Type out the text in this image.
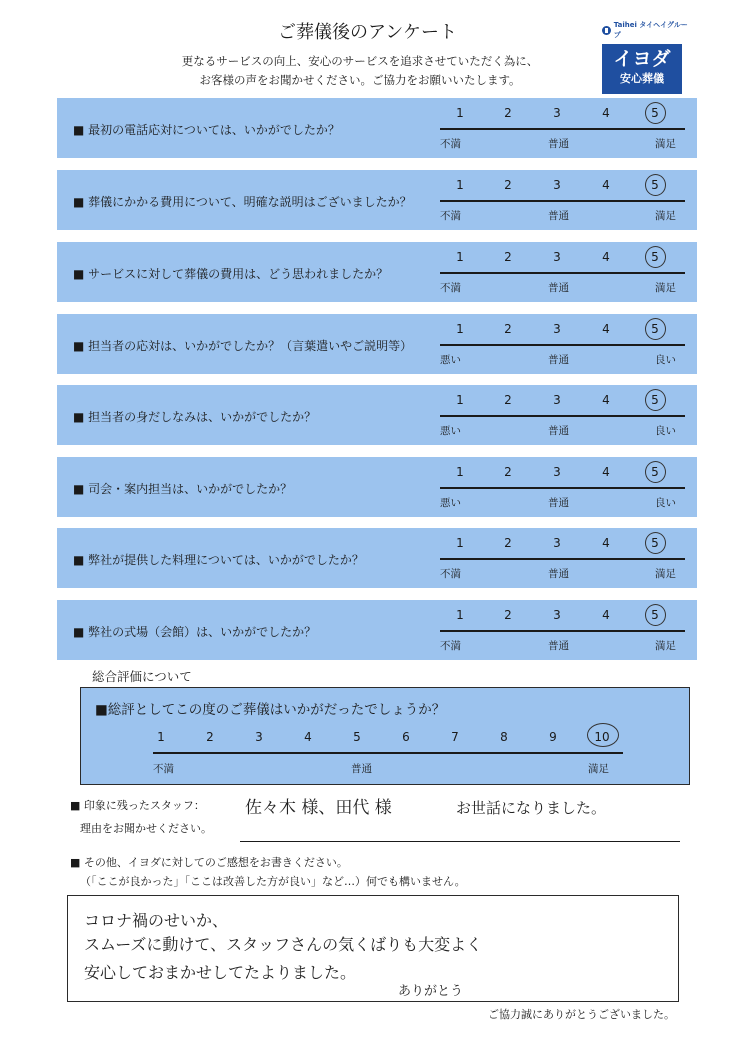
ご葬儀後のアンケート
更なるサービスの向上、安心のサービスを追求させていただく為に、
お客様の声をお聞かせください。ご協力をお願いいたします。
Taihei タイヘイグループ
イヨダ
安心葬儀
■ 最初の電話応対については、いかがでしたか？
1	2	3	4	5
不満	普通	満足
■ 葬儀にかかる費用について、明確な説明はございましたか？
1	2	3	4	5
不満	普通	満足
■ サービスに対して葬儀の費用は、どう思われましたか？
1	2	3	4	5
不満	普通	満足
■ 担当者の応対は、いかがでしたか？（言葉遣いやご説明等）
1	2	3	4	5
悪い	普通	良い
■ 担当者の身だしなみは、いかがでしたか？
1	2	3	4	5
悪い	普通	良い
■ 司会・案内担当は、いかがでしたか？
1	2	3	4	5
悪い	普通	良い
■ 弊社が提供した料理については、いかがでしたか？
1	2	3	4	5
不満	普通	満足
■ 弊社の式場（会館）は、いかがでしたか？
1	2	3	4	5
不満	普通	満足
総合評価について
■総評としてこの度のご葬儀はいかがだったでしょうか？
1	2	3	4	5	6	7	8	9	10
不満	普通	満足
■ 印象に残ったスタッフ：
理由をお聞かせください。
佐々木 様、田代 様	お世話になりました。
■ その他、イヨダに対してのご感想をお書きください。
（「ここが良かった」「ここは改善した方が良い」など…）何でも構いません。
コロナ禍のせいか、
スムーズに動けて、スタッフさんの気くばりも大変よく
安心しておまかせしてたよりました。
ありがとう
ご協力誠にありがとうございました。
